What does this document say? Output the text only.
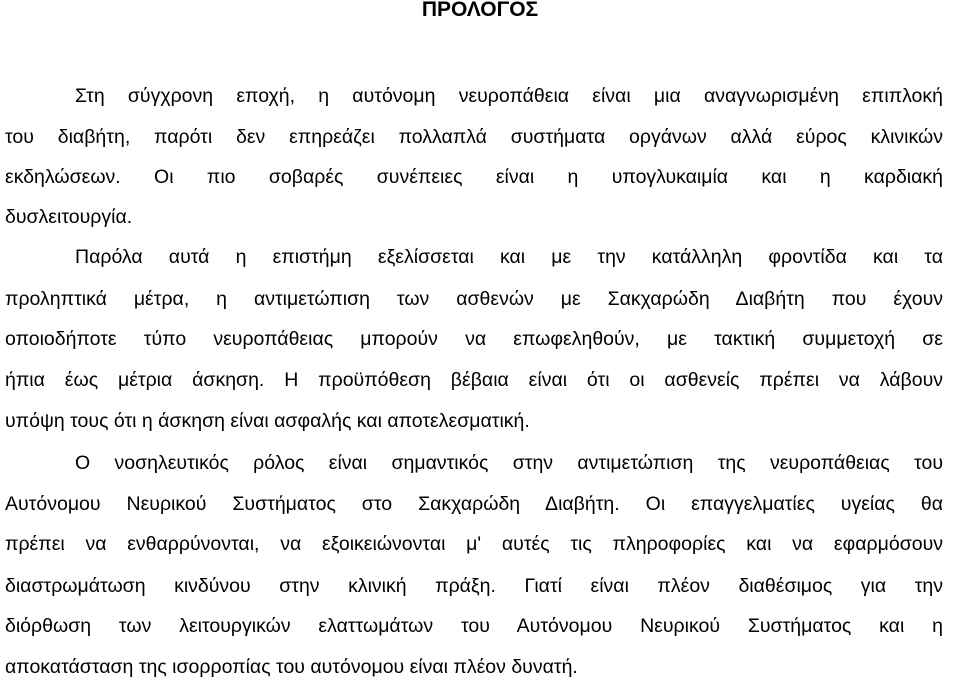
ΠΡΟΛΟΓΟΣ

Στη σύγχρονη εποχή, η αυτόνομη νευροπάθεια είναι μια αναγνωρισμένη επιπλοκή

του διαβήτη, παρότι δεν επηρεάζει πολλαπλά συστήματα οργάνων αλλά εύρος κλινικών

εκδηλώσεων. Οι πιο σοβαρές συνέπειες είναι η υπογλυκαιμία και η καρδιακή

δυσλειτουργία.

Παρόλα αυτά η επιστήμη εξελίσσεται και με την κατάλληλη φροντίδα και τα

προληπτικά μέτρα, η αντιμετώπιση των ασθενών με Σακχαρώδη Διαβήτη που έχουν

οποιοδήποτε τύπο νευροπάθειας μπορούν να επωφεληθούν, με τακτική συμμετοχή σε

ήπια έως μέτρια άσκηση. Η προϋπόθεση βέβαια είναι ότι οι ασθενείς πρέπει να λάβουν

υπόψη τους ότι η άσκηση είναι ασφαλής και αποτελεσματική.

Ο νοσηλευτικός ρόλος είναι σημαντικός στην αντιμετώπιση της νευροπάθειας του

Αυτόνομου Νευρικού Συστήματος στο Σακχαρώδη Διαβήτη. Οι επαγγελματίες υγείας θα

πρέπει να ενθαρρύνονται, να εξοικειώνονται μ' αυτές τις πληροφορίες και να εφαρμόσουν

διαστρωμάτωση κινδύνου στην κλινική πράξη. Γιατί είναι πλέον διαθέσιμος για την

διόρθωση των λειτουργικών ελαττωμάτων του Αυτόνομου Νευρικού Συστήματος και η

αποκατάσταση της ισορροπίας του αυτόνομου είναι πλέον δυνατή.
